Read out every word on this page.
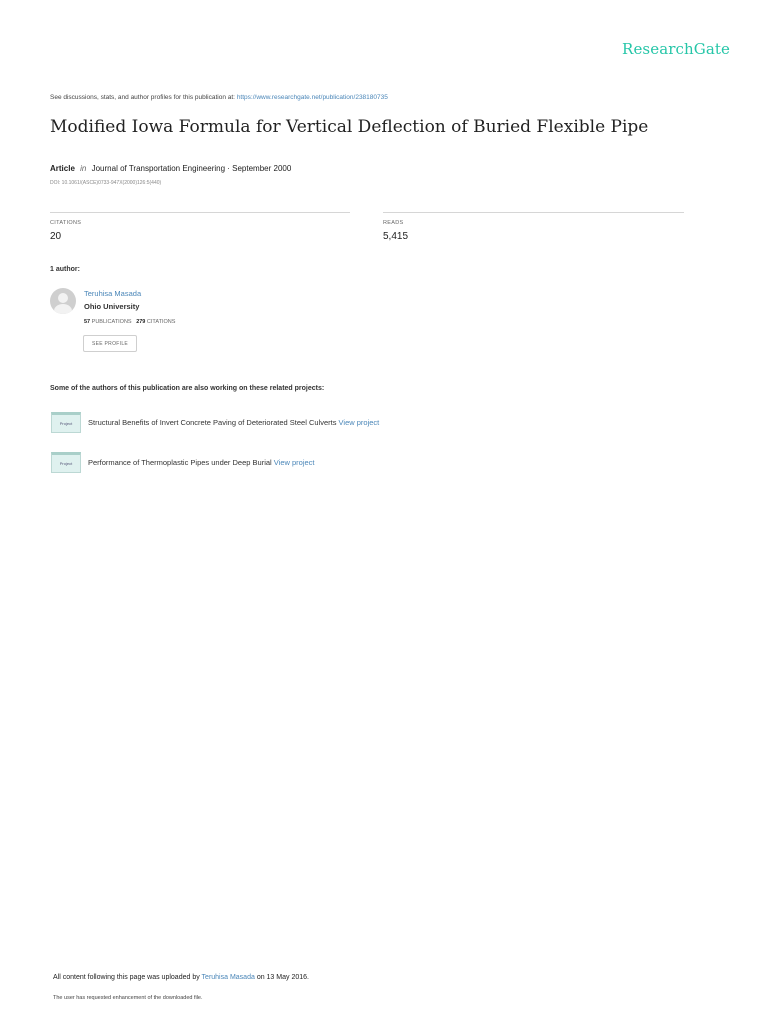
ResearchGate
See discussions, stats, and author profiles for this publication at: https://www.researchgate.net/publication/238180735
Modified Iowa Formula for Vertical Deflection of Buried Flexible Pipe
Article in Journal of Transportation Engineering · September 2000
DOI: 10.1061/(ASCE)0733-947X(2000)126:5(440)
CITATIONS
20
READS
5,415
1 author:
Teruhisa Masada
Ohio University
57 PUBLICATIONS 279 CITATIONS
SEE PROFILE
Some of the authors of this publication are also working on these related projects:
Project	Structural Benefits of Invert Concrete Paving of Deteriorated Steel Culverts View project
Project	Performance of Thermoplastic Pipes under Deep Burial View project
All content following this page was uploaded by Teruhisa Masada on 13 May 2016.
The user has requested enhancement of the downloaded file.
